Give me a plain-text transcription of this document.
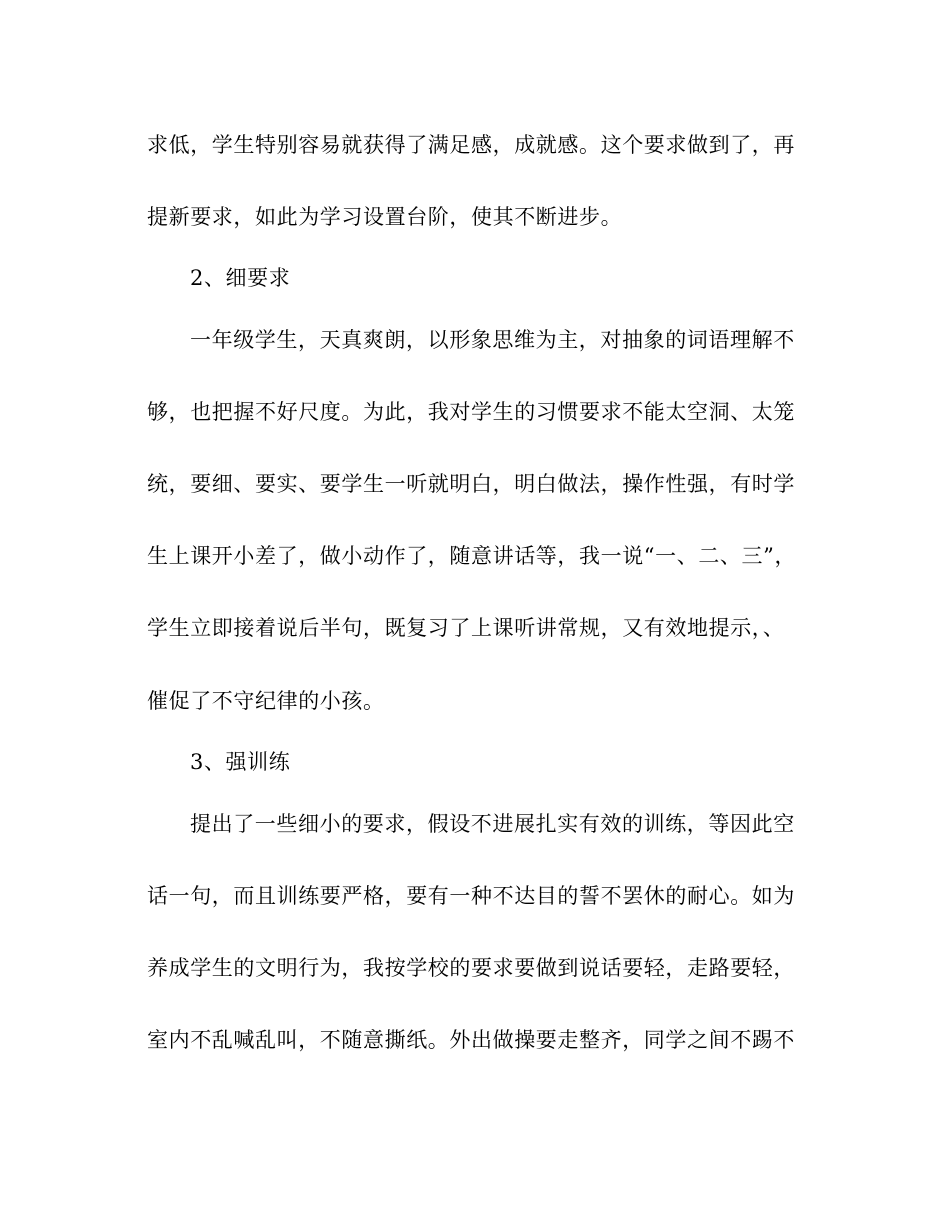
求低，学生特别容易就获得了满足感，成就感。这个要求做到了，再
提新要求，如此为学习设置台阶，使其不断进步。
2、细要求
一年级学生，天真爽朗，以形象思维为主，对抽象的词语理解不
够，也把握不好尺度。为此，我对学生的习惯要求不能太空洞、太笼
统，要细、要实、要学生一听就明白，明白做法，操作性强，有时学
生上课开小差了，做小动作了，随意讲话等，我一说“一、二、三”，
学生立即接着说后半句，既复习了上课听讲常规，又有效地提示，、
催促了不守纪律的小孩。
3、强训练
提出了一些细小的要求，假设不进展扎实有效的训练，等因此空
话一句，而且训练要严格，要有一种不达目的誓不罢休的耐心。如为
养成学生的文明行为，我按学校的要求要做到说话要轻，走路要轻，
室内不乱喊乱叫，不随意撕纸。外出做操要走整齐，同学之间不踢不
